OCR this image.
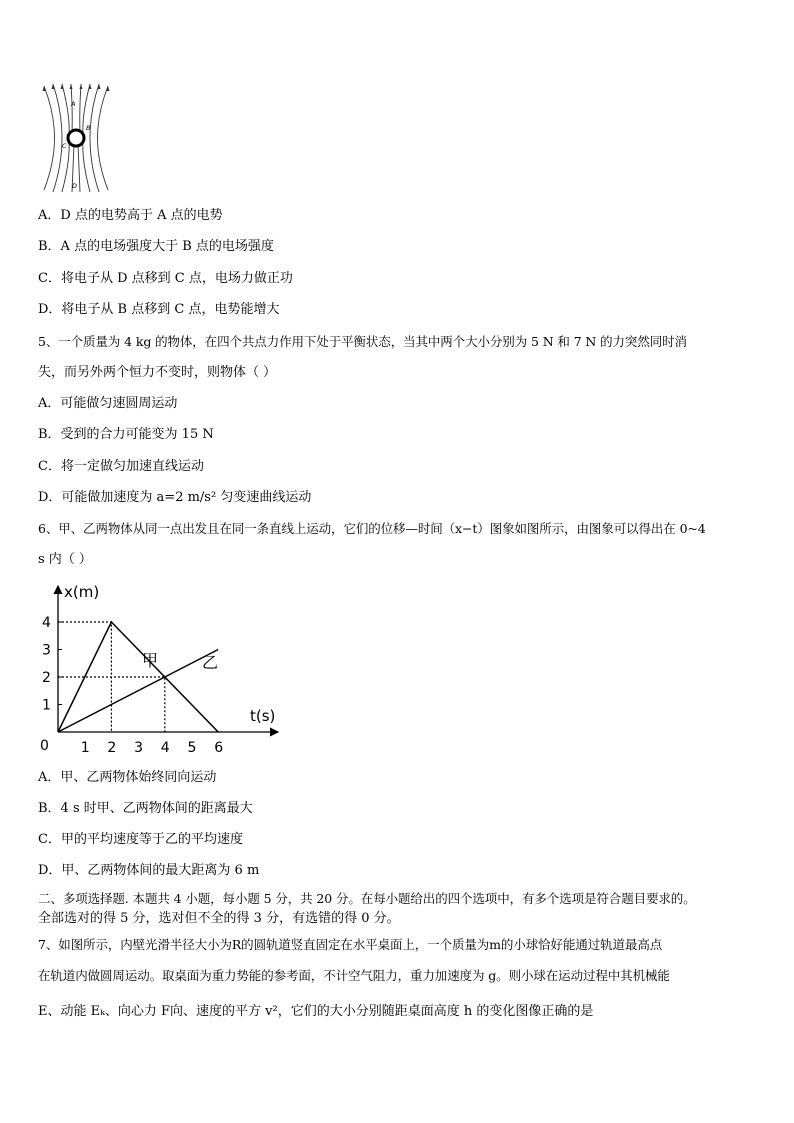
A
B
C
D
A．D 点的电势高于 A 点的电势
B．A 点的电场强度大于 B 点的电场强度
C．将电子从 D 点移到 C 点，电场力做正功
D．将电子从 B 点移到 C 点，电势能增大
5、一个质量为 4 kg 的物体，在四个共点力作用下处于平衡状态，当其中两个大小分别为 5 N 和 7 N 的力突然同时消
失，而另外两个恒力不变时，则物体（ ）
A．可能做匀速圆周运动
B．受到的合力可能变为 15 N
C．将一定做匀加速直线运动
D．可能做加速度为 a=2 m/s² 匀变速曲线运动
6、甲、乙两物体从同一点出发且在同一条直线上运动，它们的位移—时间（x−t）图象如图所示，由图象可以得出在 0~4
s 内（ ）
1 2 3 4 5 6
1
2
3
4
x(m)
t(s)
0
甲	乙
A．甲、乙两物体始终同向运动
B．4 s 时甲、乙两物体间的距离最大
C．甲的平均速度等于乙的平均速度
D．甲、乙两物体间的最大距离为 6 m
二、多项选择题. 本题共 4 小题，每小题 5 分，共 20 分。在每小题给出的四个选项中，有多个选项是符合题目要求的。
全部选对的得 5 分，选对但不全的得 3 分，有选错的得 0 分。
7、如图所示，内壁光滑半径大小为R的圆轨道竖直固定在水平桌面上，一个质量为m的小球恰好能通过轨道最高点
在轨道内做圆周运动。取桌面为重力势能的参考面，不计空气阻力，重力加速度为 g。则小球在运动过程中其机械能
E、动能 Eₖ、向心力 F向、速度的平方 v²，它们的大小分别随距桌面高度 h 的变化图像正确的是
